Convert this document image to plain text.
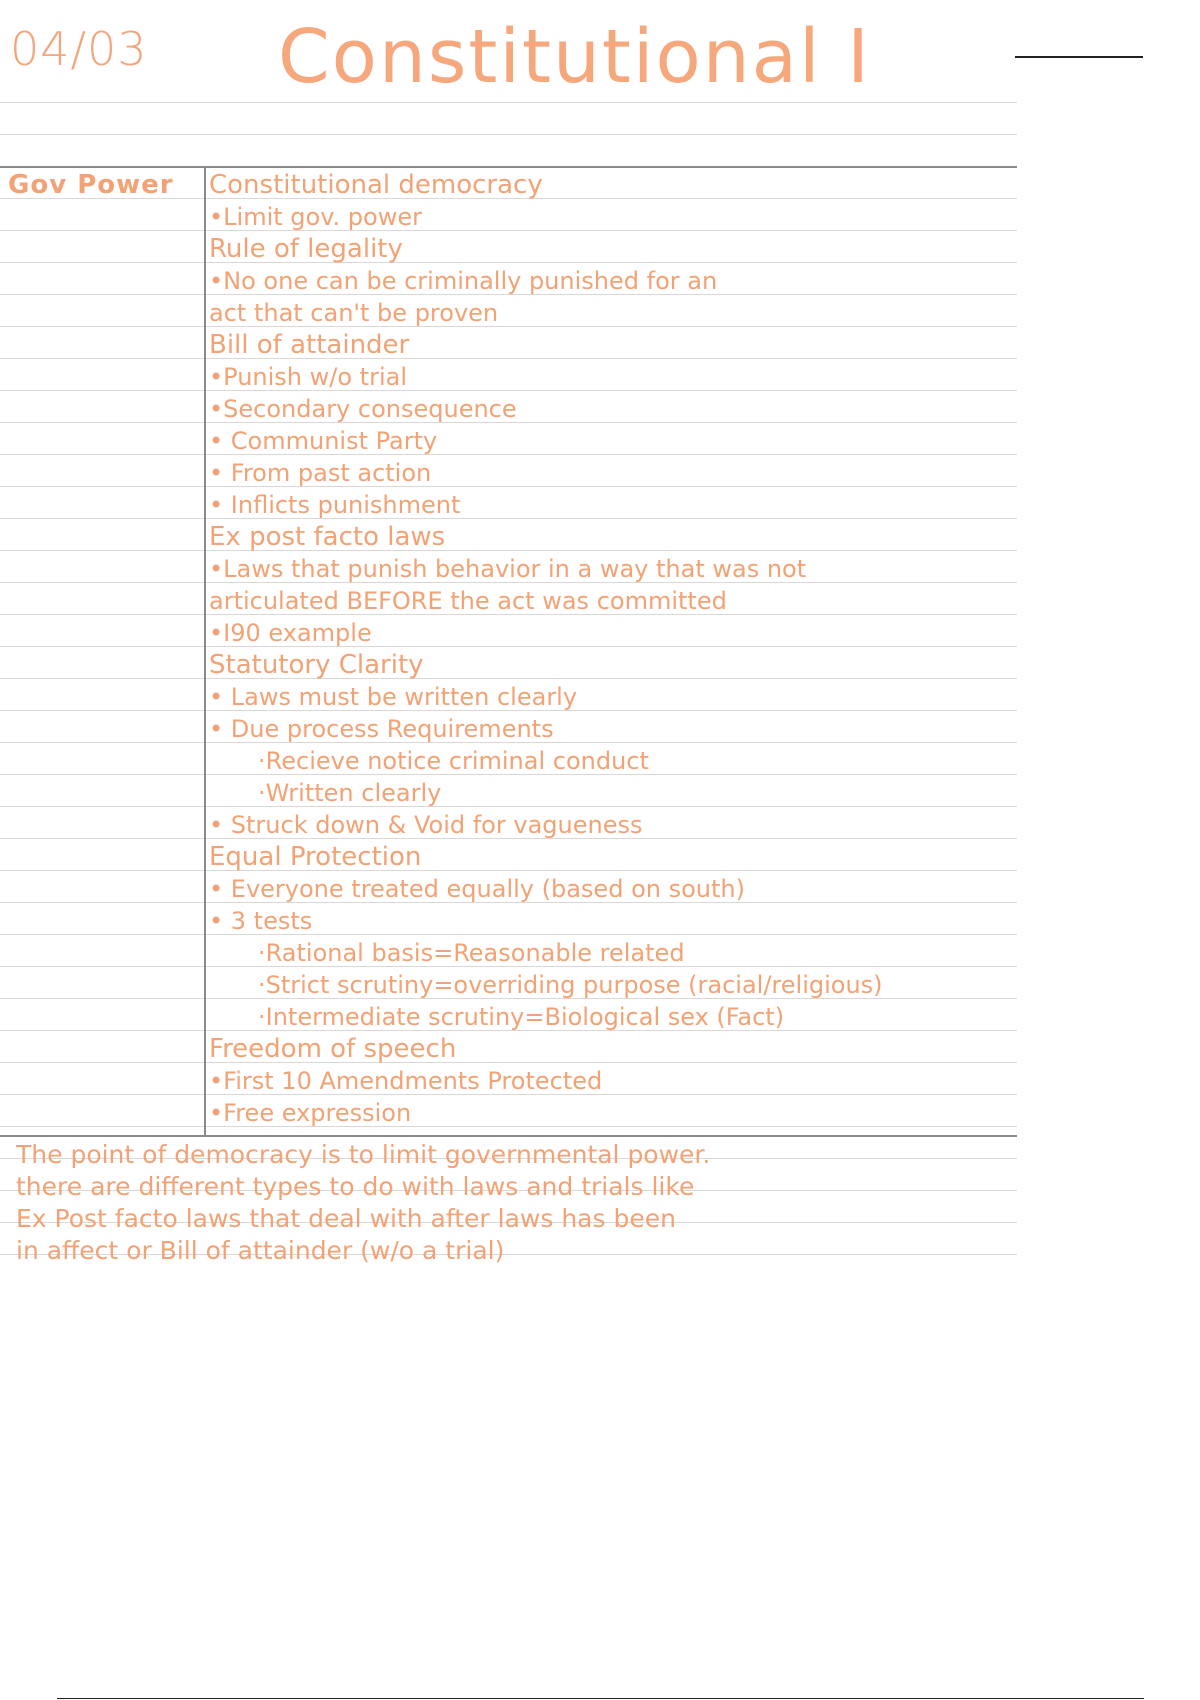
04/03 Constitutional I
Gov Power Constitutional democracy
•Limit gov. power
Rule of legality
•No one can be criminally punished for an
act that can't be proven
Bill of attainder
•Punish w/o trial
•Secondary consequence
• Communist Party
• From past action
• Inflicts punishment
Ex post facto laws
•Laws that punish behavior in a way that was not
articulated BEFORE the act was committed
•I90 example
Statutory Clarity
• Laws must be written clearly
• Due process Requirements
·Recieve notice criminal conduct
·Written clearly
• Struck down & Void for vagueness
Equal Protection
• Everyone treated equally (based on south)
• 3 tests
·Rational basis=Reasonable related
·Strict scrutiny=overriding purpose (racial/religious)
·Intermediate scrutiny=Biological sex (Fact)
Freedom of speech
•First 10 Amendments Protected
•Free expression
The point of democracy is to limit governmental power.
there are different types to do with laws and trials like
Ex Post facto laws that deal with after laws has been
in affect or Bill of attainder (w/o a trial)
